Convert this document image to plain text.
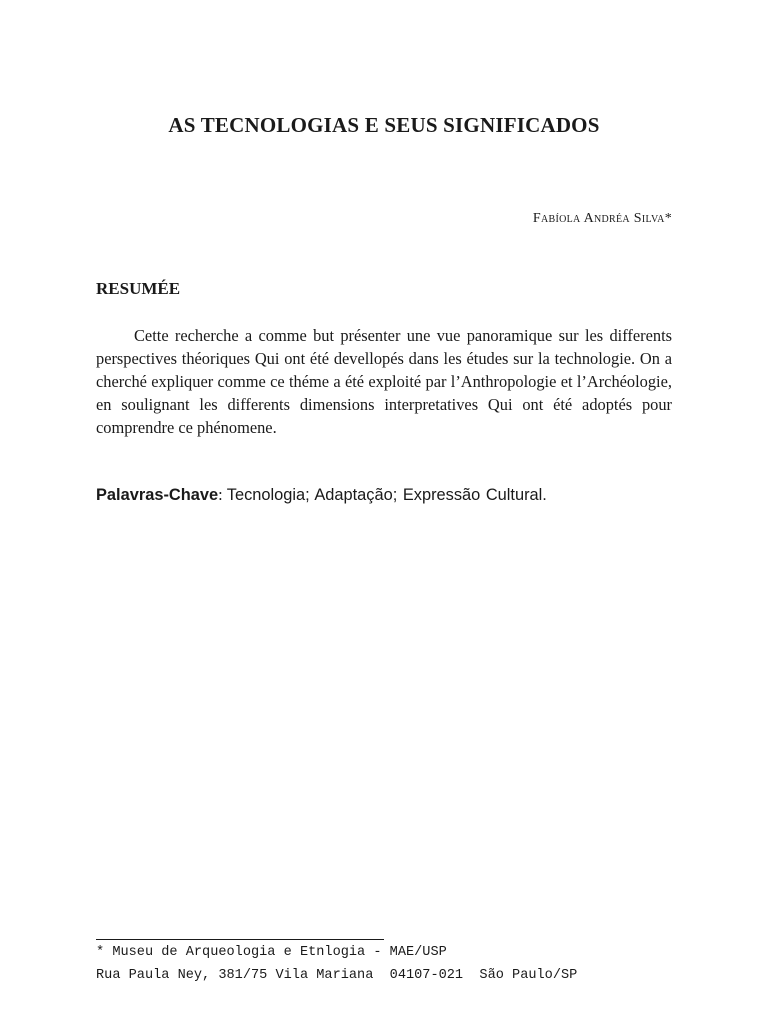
AS TECNOLOGIAS E SEUS SIGNIFICADOS
Fabíola Andréa Silva*
RESUMÉE

Cette recherche a comme but présenter une vue panoramique sur les differents perspectives théoriques Qui ont été devellopés dans les études sur la technologie. On a cherché expliquer comme ce théme a été exploité par l’Anthropologie et l’Archéologie, en soulignant les differents dimensions interpretatives Qui ont été adoptés pour comprendre ce phénomene.

Palavras-Chave: Tecnologia; Adaptação; Expressão Cultural.
* Museu de Arqueologia e Etnlogia - MAE/USP
Rua Paula Ney, 381/75 Vila Mariana  04107-021  São Paulo/SP
